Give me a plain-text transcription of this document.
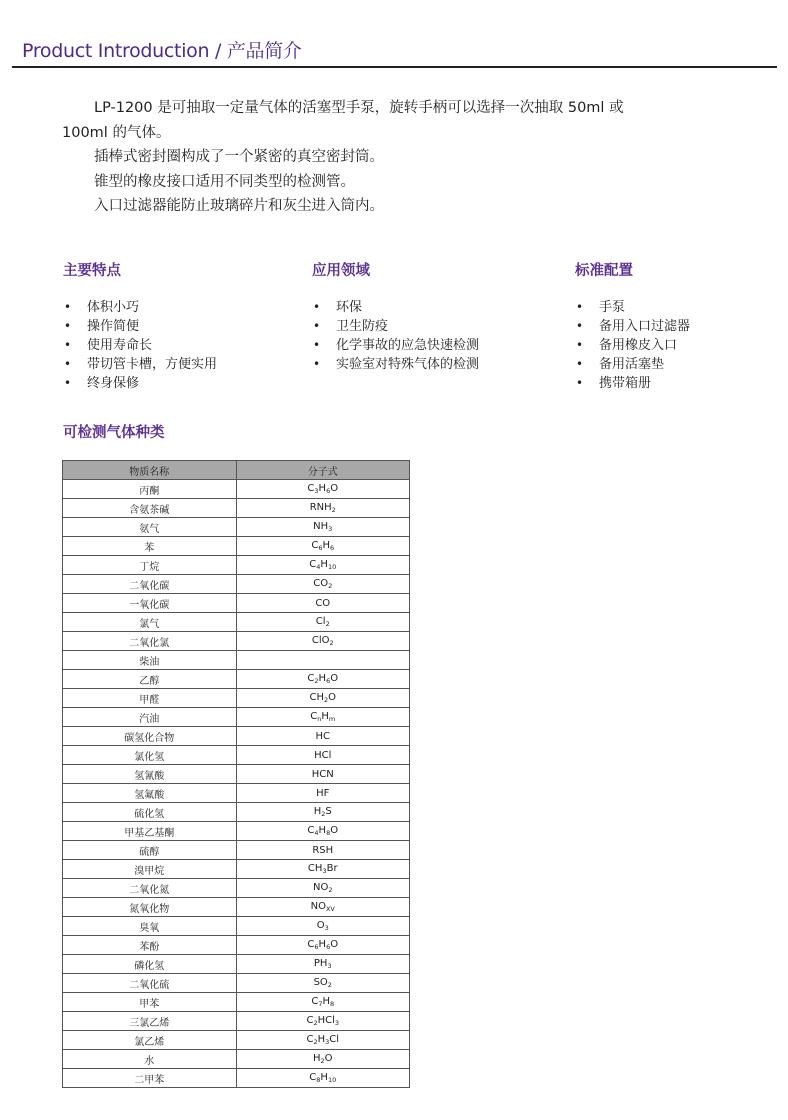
Product Introduction / 产品简介

LP-1200 是可抽取一定量气体的活塞型手泵，旋转手柄可以选择一次抽取 50ml 或

100ml 的气体。

插棒式密封圈构成了一个紧密的真空密封筒。

锥型的橡皮接口适用不同类型的检测管。

入口过滤器能防止玻璃碎片和灰尘进入筒内。

主要特点	应用领域	标准配置
• 体积小巧
• 操作简便
• 使用寿命长
• 带切管卡槽，方便实用
• 终身保修
• 环保
• 卫生防疫
• 化学事故的应急快速检测
• 实验室对特殊气体的检测
• 手泵
• 备用入口过滤器
• 备用橡皮入口
• 备用活塞垫
• 携带箱册
可检测气体种类
物质名称	分子式
丙酮	$C_3H_6O$
含氨茶碱	$RNH_2$
氨气	$NH_3$
苯	$C_6H_6$
丁烷	$C_4H_{10}$
二氧化碳	$CO_2$
一氧化碳	CO
氯气	$Cl_2$
二氧化氯	ClO$_2$
柴油	
乙醇	$C_2H_6O$
甲醛	$CH_2O$
汽油	$C_nH_m$
碳氢化合物	HC
氯化氢	HCl
氢氰酸	HCN
氢氟酸	HF
硫化氢	$H_2S$
甲基乙基酮	$C_4H_8O$
硫醇	RSH
溴甲烷	$CH_3Br$
二氧化氮	$NO_2$
氮氧化物	$NO_{XV}$
臭氧	$O_3$
苯酚	$C_6H_6O$
磷化氢	$PH_3$
二氧化硫	$SO_2$
甲苯	$C_7H_8$
三氯乙烯	$C_2HCl_3$
氯乙烯	$C_2H_3Cl$
水	$H_2O$
二甲苯	$C_8H_{10}$
